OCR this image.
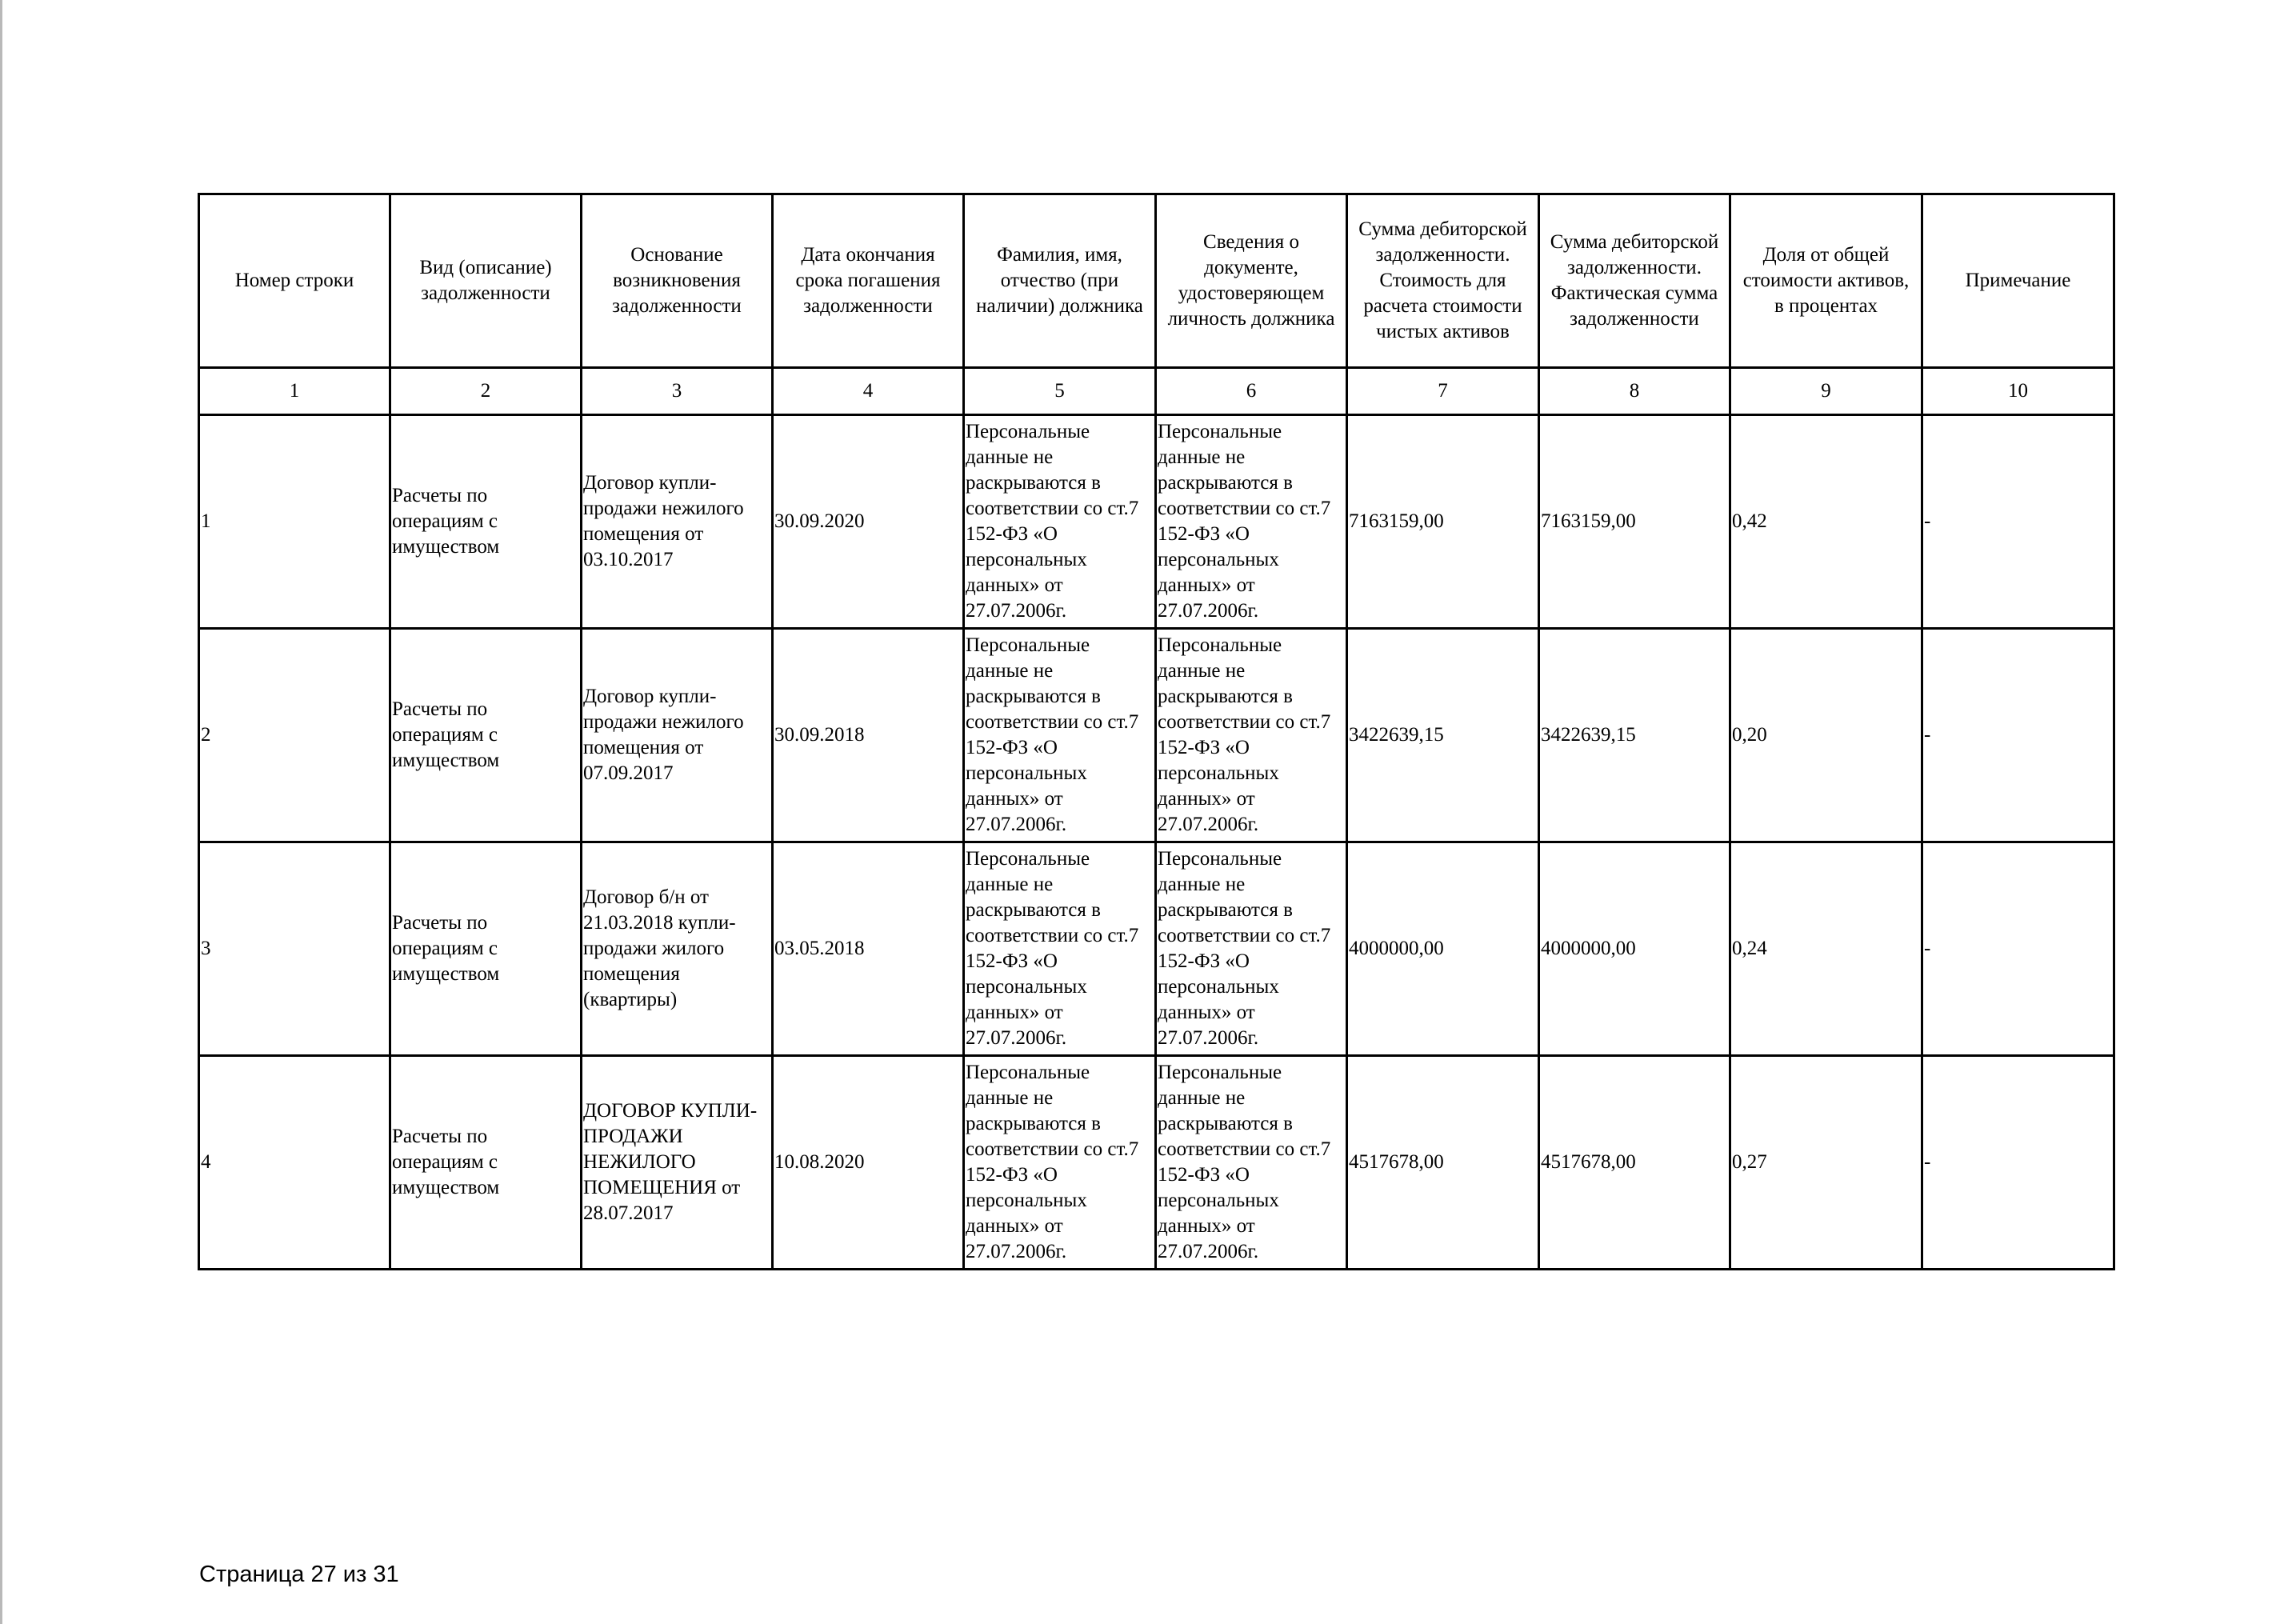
Номер строки	Вид (описание) задолженности	Основание возникновения задолженности	Дата окончания срока погашения задолженности	Фамилия, имя, отчество (при наличии) должника	Сведения о документе, удостоверяющем личность должника	Сумма дебиторской задолженности. Стоимость для расчета стоимости чистых активов	Сумма дебиторской задолженности. Фактическая сумма задолженности	Доля от общей стоимости активов, в процентах	Примечание
1	2	3	4	5	6	7	8	9	10
1	Расчеты по операциям с имуществом	Договор купли-продажи нежилого помещения от 03.10.2017	30.09.2020	Персональные данные не раскрываются в соответствии со ст.7 152-ФЗ «О персональных данных» от 27.07.2006г.	Персональные данные не раскрываются в соответствии со ст.7 152-ФЗ «О персональных данных» от 27.07.2006г.	7163159,00	7163159,00	0,42	-
2	Расчеты по операциям с имуществом	Договор купли-продажи нежилого помещения от 07.09.2017	30.09.2018	Персональные данные не раскрываются в соответствии со ст.7 152-ФЗ «О персональных данных» от 27.07.2006г.	Персональные данные не раскрываются в соответствии со ст.7 152-ФЗ «О персональных данных» от 27.07.2006г.	3422639,15	3422639,15	0,20	-
3	Расчеты по операциям с имуществом	Договор б/н от 21.03.2018 купли-продажи жилого помещения (квартиры)	03.05.2018	Персональные данные не раскрываются в соответствии со ст.7 152-ФЗ «О персональных данных» от 27.07.2006г.	Персональные данные не раскрываются в соответствии со ст.7 152-ФЗ «О персональных данных» от 27.07.2006г.	4000000,00	4000000,00	0,24	-
4	Расчеты по операциям с имуществом	ДОГОВОР КУПЛИ-ПРОДАЖИ НЕЖИЛОГО ПОМЕЩЕНИЯ от 28.07.2017	10.08.2020	Персональные данные не раскрываются в соответствии со ст.7 152-ФЗ «О персональных данных» от 27.07.2006г.	Персональные данные не раскрываются в соответствии со ст.7 152-ФЗ «О персональных данных» от 27.07.2006г.	4517678,00	4517678,00	0,27	-
Страница 27 из 31
